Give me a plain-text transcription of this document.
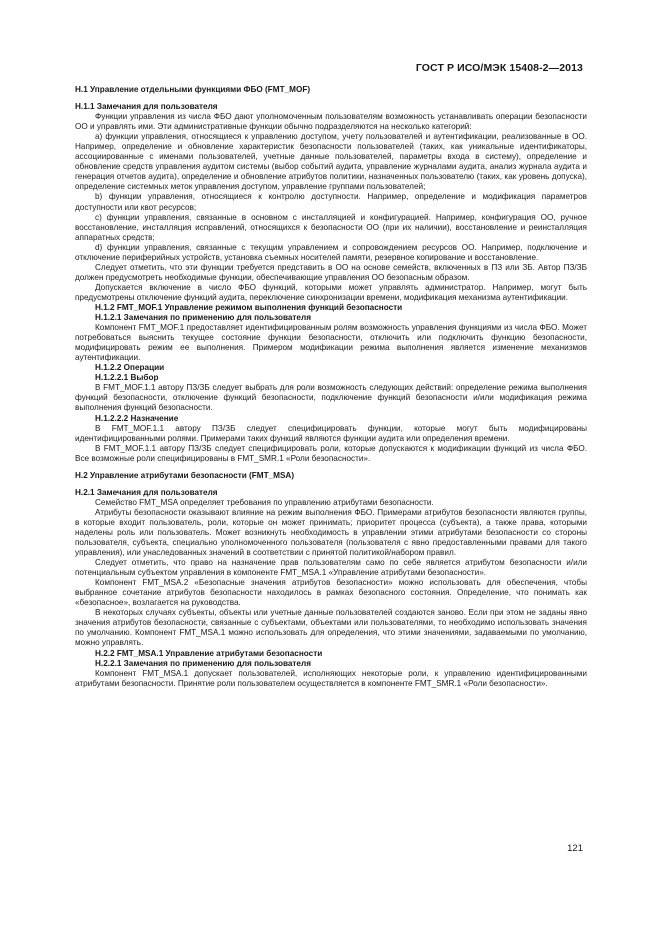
ГОСТ Р ИСО/МЭК 15408-2—2013

Н.1 Управление отдельными функциями ФБО (FMT_MOF)

Н.1.1 Замечания для пользователя

Функции управления из числа ФБО дают уполномоченным пользователям возможность устанавливать операции безопасности ОО и управлять ими. Эти административные функции обычно подразделяются на несколько категорий:

а) функции управления, относящиеся к управлению доступом, учету пользователей и аутентификации, реализованные в ОО. Например, определение и обновление характеристик безопасности пользователей (таких, как уникальные идентификаторы, ассоциированные с именами пользователей, учетные данные пользователей, параметры входа в систему), определение и обновление средств управления аудитом системы (выбор событий аудита, управление журналами аудита, анализ журнала аудита и генерация отчетов аудита), определение и обновление атрибутов политики, назначенных пользователю (таких, как уровень допуска), определение системных меток управления доступом, управление группами пользователей;

b) функции управления, относящиеся к контролю доступности. Например, определение и модификация параметров доступности или квот ресурсов;

c) функции управления, связанные в основном с инсталляцией и конфигурацией. Например, конфигурация ОО, ручное восстановление, инсталляция исправлений, относящихся к безопасности ОО (при их наличии), восстановление и реинсталляция аппаратных средств;

d) функции управления, связанные с текущим управлением и сопровождением ресурсов ОО. Например, подключение и отключение периферийных устройств, установка съемных носителей памяти, резервное копирование и восстановление.

Следует отметить, что эти функции требуется представить в ОО на основе семейств, включенных в ПЗ или ЗБ. Автор ПЗ/ЗБ должен предусмотреть необходимые функции, обеспечивающие управления ОО безопасным образом.

Допускается включение в число ФБО функций, которыми может управлять администратор. Например, могут быть предусмотрены отключение функций аудита, переключение синхронизации времени, модификация механизма аутентификации.

Н.1.2 FMT_MOF.1 Управление режимом выполнения функций безопасности

Н.1.2.1 Замечания по применению для пользователя

Компонент FMT_MOF.1 предоставляет идентифицированным ролям возможность управления функциями из числа ФБО. Может потребоваться выяснить текущее состояние функции безопасности, отключить или подключить функцию безопасности, модифицировать режим ее выполнения. Примером модификации режима выполнения является изменение механизмов аутентификации.

Н.1.2.2 Операции

Н.1.2.2.1 Выбор

В FMT_MOF.1.1 автору ПЗ/ЗБ следует выбрать для роли возможность следующих действий: определение режима выполнения функций безопасности, отключение функций безопасности, подключение функций безопасности и/или модификация режима выполнения функций безопасности.

Н.1.2.2.2 Назначение

В FMT_MOF.1.1 автору ПЗ/ЗБ следует специфицировать функции, которые могут быть модифицированы идентифицированными ролями. Примерами таких функций являются функции аудита или определения времени.

В FMT_MOF.1.1 автору ПЗ/ЗБ следует специфицировать роли, которые допускаются к модификации функций из числа ФБО. Все возможные роли специфицированы в FMT_SMR.1 «Роли безопасности».

Н.2 Управление атрибутами безопасности (FMT_MSA)

Н.2.1 Замечания для пользователя

Семейство FMT_MSA определяет требования по управлению атрибутами безопасности.

Атрибуты безопасности оказывают влияние на режим выполнения ФБО. Примерами атрибутов безопасности являются группы, в которые входит пользователь, роли, которые он может принимать; приоритет процесса (субъекта), а также права, которыми наделены роль или пользователь. Может возникнуть необходимость в управлении этими атрибутами безопасности со стороны пользователя, субъекта, специально уполномоченного пользователя (пользователя с явно предоставленными правами для такого управления), или унаследованных значений в соответствии с принятой политикой/набором правил.

Следует отметить, что право на назначение прав пользователям само по себе является атрибутом безопасности и/или потенциальным субъектом управления в компоненте FMT_MSA.1 «Управление атрибутами безопасности».

Компонент FMT_MSA.2 «Безопасные значения атрибутов безопасности» можно использовать для обеспечения, чтобы выбранное сочетание атрибутов безопасности находилось в рамках безопасного состояния. Определение, что понимать как «безопасное», возлагается на руководства.

В некоторых случаях субъекты, объекты или учетные данные пользователей создаются заново. Если при этом не заданы явно значения атрибутов безопасности, связанные с субъектами, объектами или пользователями, то необходимо использовать значения по умолчанию. Компонент FMT_MSA.1 можно использовать для определения, что этими значениями, задаваемыми по умолчанию, можно управлять.

Н.2.2 FMT_MSA.1 Управление атрибутами безопасности

Н.2.2.1 Замечания по применению для пользователя

Компонент FMT_MSA.1 допускает пользователей, исполняющих некоторые роли, к управлению идентифицированными атрибутами безопасности. Принятие роли пользователем осуществляется в компоненте FMT_SMR.1 «Роли безопасности».

121
